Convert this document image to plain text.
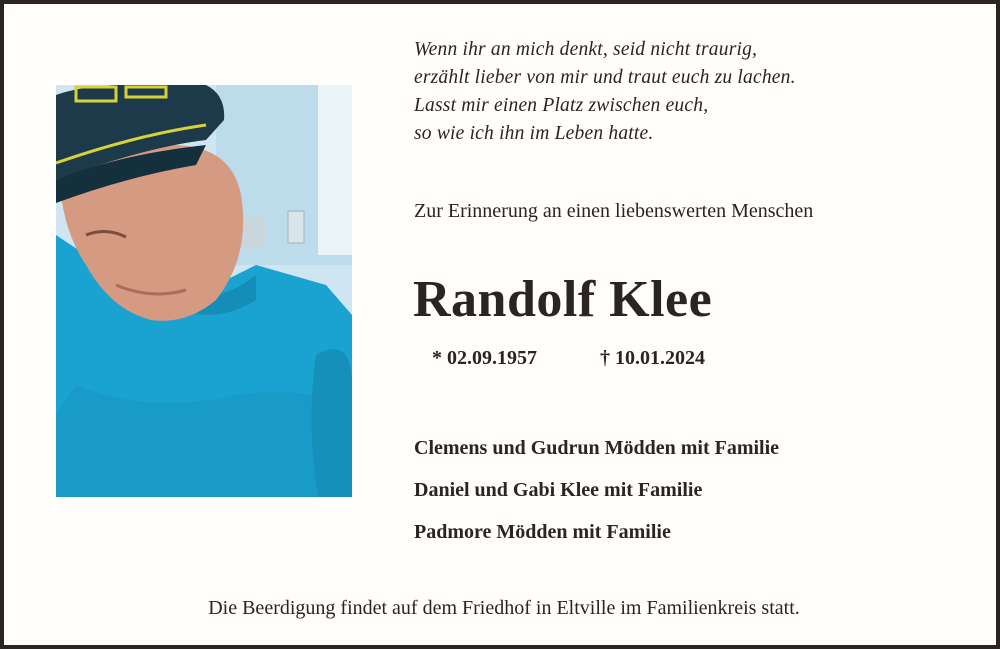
Wenn ihr an mich denkt, seid nicht traurig,
erzählt lieber von mir und traut euch zu lachen.
Lasst mir einen Platz zwischen euch,
so wie ich ihn im Leben hatte.
Zur Erinnerung an einen liebenswerten Menschen
Randolf Klee
* 02.09.1957	† 10.01.2024
Clemens und Gudrun Mödden mit Familie
Daniel und Gabi Klee mit Familie
Padmore Mödden mit Familie
Die Beerdigung findet auf dem Friedhof in Eltville im Familienkreis statt.
